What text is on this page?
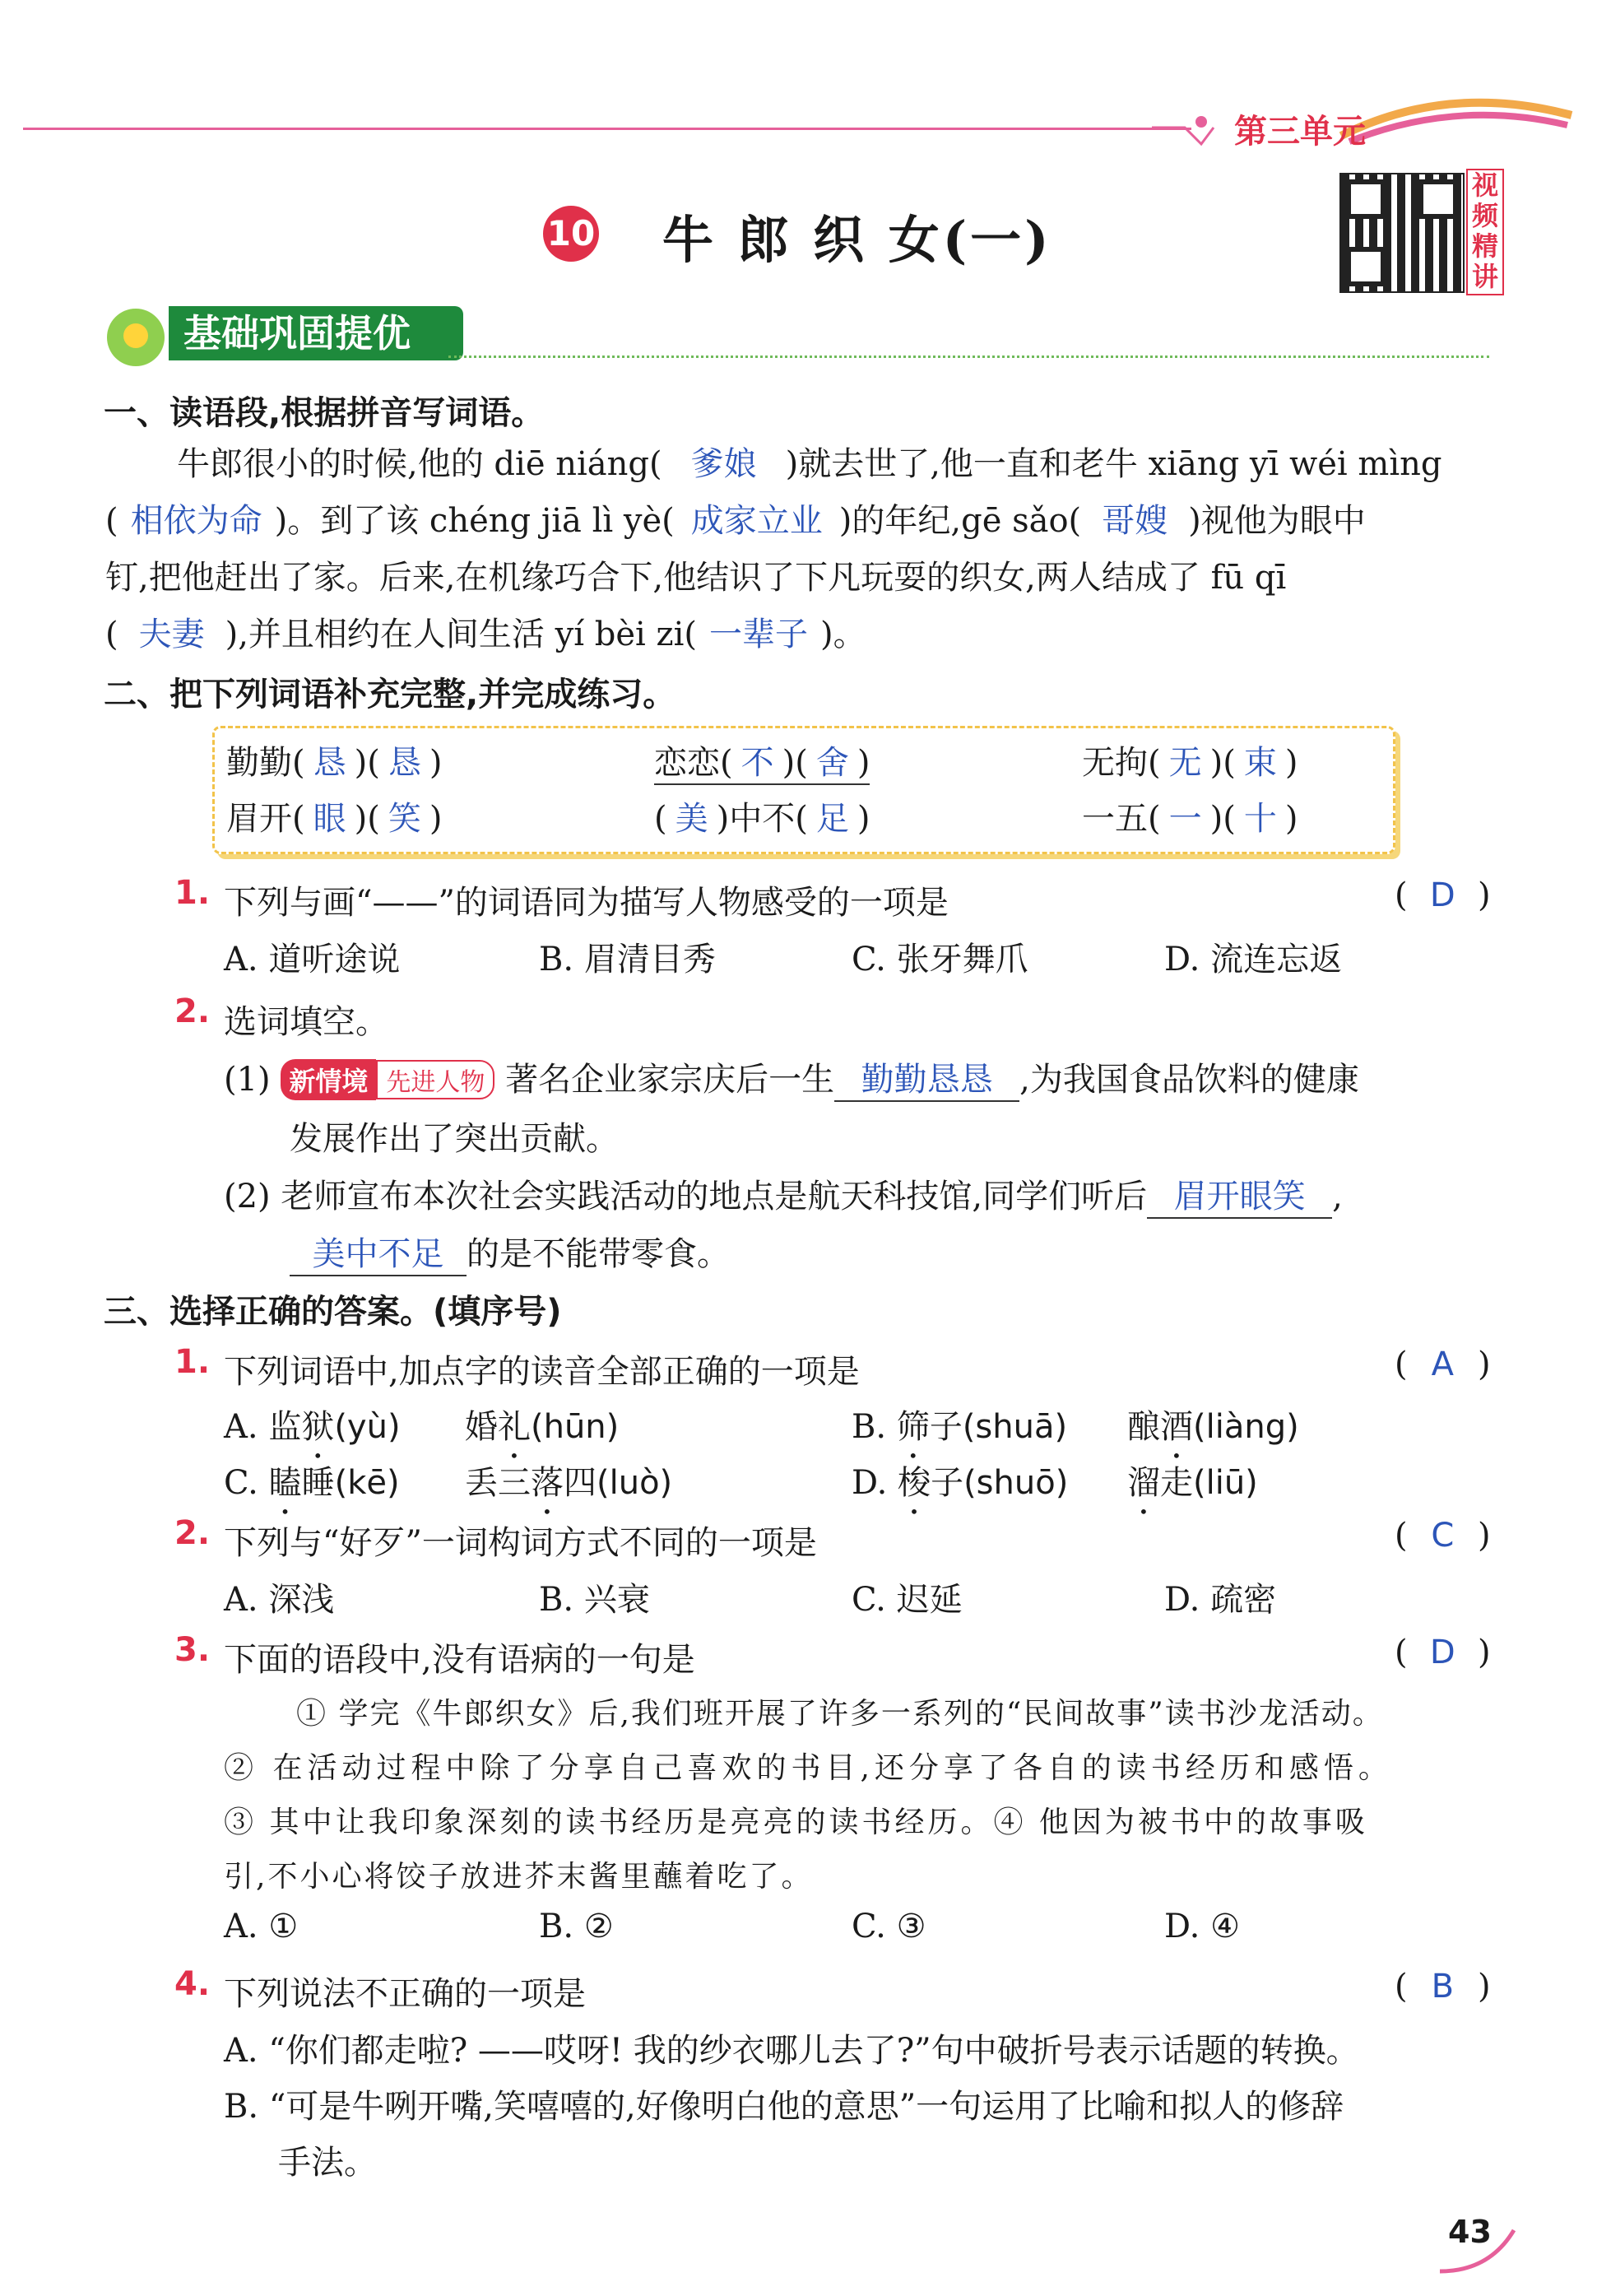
第三单元
10 牛 郎 织 女(一)
视频精讲
基础巩固提优
一、读语段,根据拼音写词语。
牛郎很小的时候,他的 diē niáng( 爹娘 )就去世了,他一直和老牛 xiāng yī wéi mìng
( 相依为命 )。到了该 chéng jiā lì yè( 成家立业 )的年纪,gē sǎo( 哥嫂 )视他为眼中
钉,把他赶出了家。后来,在机缘巧合下,他结识了下凡玩耍的织女,两人结成了 fū qī
( 夫妻 ),并且相约在人间生活 yí bèi zi( 一辈子 )。
二、把下列词语补充完整,并完成练习。
勤勤( 恳 )( 恳 )	恋恋( 不 )( 舍 )	无拘( 无 )( 束 )
眉开( 眼 )( 笑 )	( 美 )中不( 足 )	一五( 一 )( 十 )
1. 下列与画“——”的词语同为描写人物感受的一项是	( D )
A. 道听途说	B. 眉清目秀	C. 张牙舞爪	D. 流连忘返
2. 选词填空。
(1) 新情境 先进人物 著名企业家宗庆后一生 勤勤恳恳 ,为我国食品饮料的健康
发展作出了突出贡献。
(2) 老师宣布本次社会实践活动的地点是航天科技馆,同学们听后 眉开眼笑 ,
美中不足 的是不能带零食。
三、选择正确的答案。(填序号)
1. 下列词语中,加点字的读音全部正确的一项是	( A )
A. 监狱(yù) 婚礼(hūn)	B. 筛子(shuā) 酿酒(liàng)
C. 瞌睡(kē) 丢三落四(luò)	D. 梭子(shuō) 溜走(liū)
2. 下列与“好歹”一词构词方式不同的一项是	( C )
A. 深浅	B. 兴衰	C. 迟延	D. 疏密
3. 下面的语段中,没有语病的一句是	( D )
① 学完《牛郎织女》后,我们班开展了许多一系列的“民间故事”读书沙龙活动。
② 在活动过程中除了分享自己喜欢的书目,还分享了各自的读书经历和感悟。
③ 其中让我印象深刻的读书经历是亮亮的读书经历。④ 他因为被书中的故事吸
引,不小心将饺子放进芥末酱里蘸着吃了。
A. ①	B. ②	C. ③	D. ④
4. 下列说法不正确的一项是	( B )
A. “你们都走啦? ——哎呀! 我的纱衣哪儿去了?”句中破折号表示话题的转换。
B. “可是牛咧开嘴,笑嘻嘻的,好像明白他的意思”一句运用了比喻和拟人的修辞
手法。
43
